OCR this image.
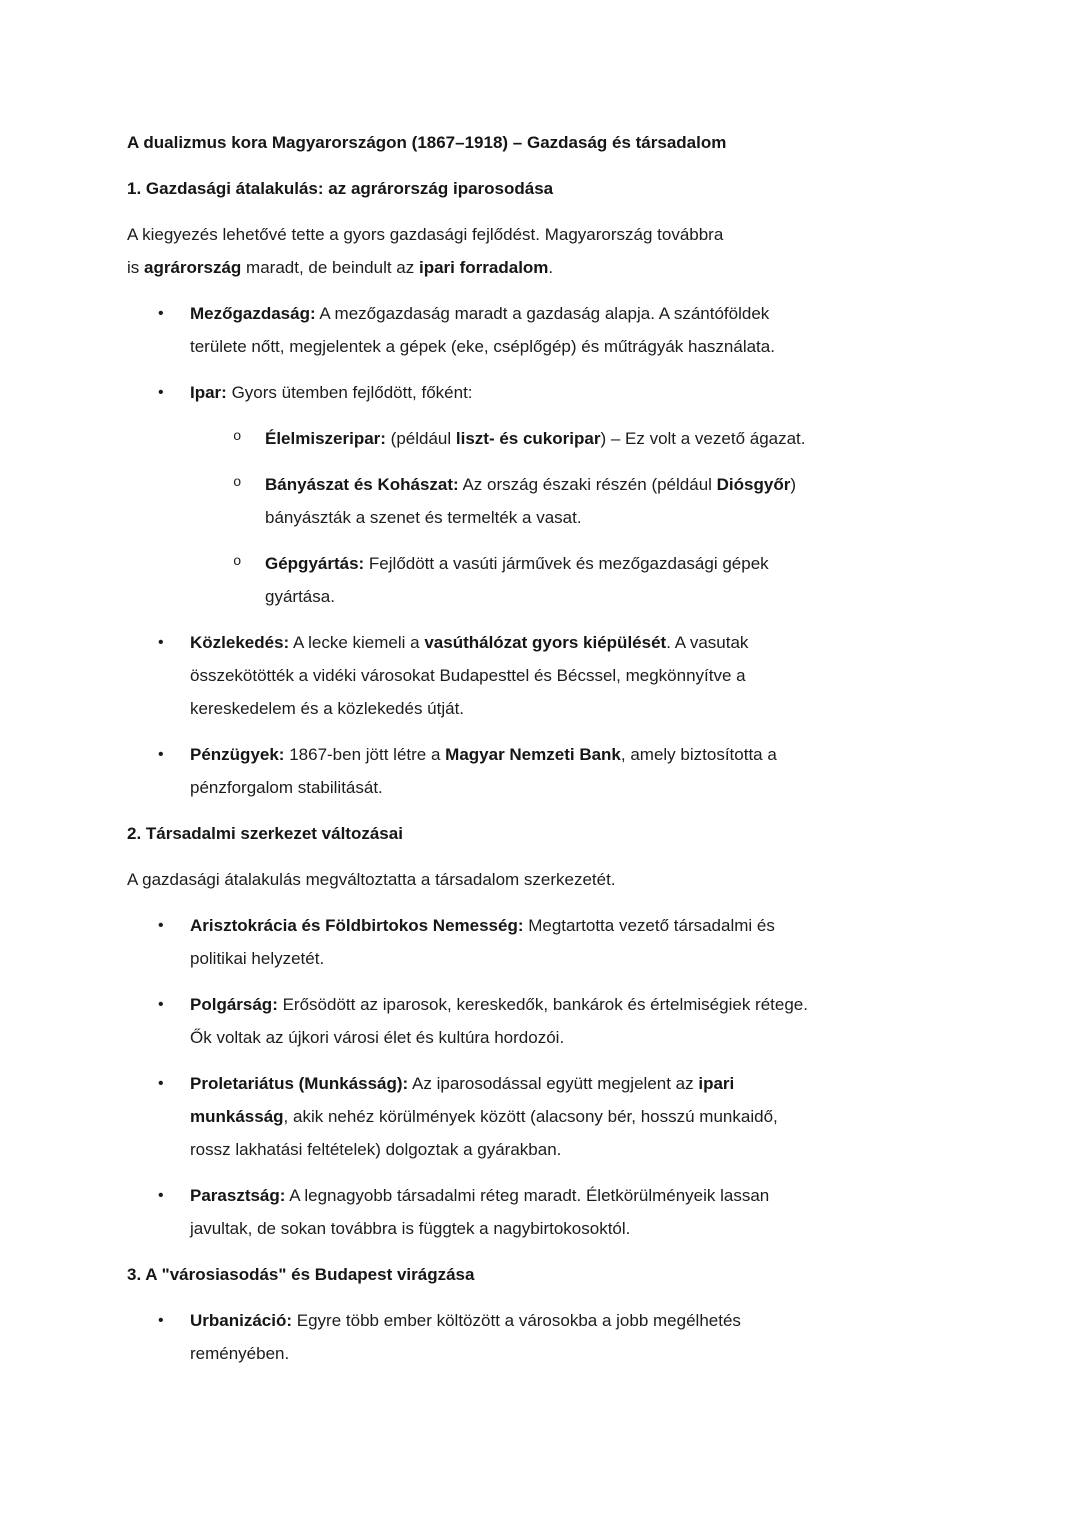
A dualizmus kora Magyarországon (1867–1918) – Gazdaság és társadalom

1. Gazdasági átalakulás: az agrárország iparosodása

A kiegyezés lehetővé tette a gyors gazdasági fejlődést. Magyarország továbbra
is agrárország maradt, de beindult az ipari forradalom.

• Mezőgazdaság: A mezőgazdaság maradt a gazdaság alapja. A szántóföldek
területe nőtt, megjelentek a gépek (eke, cséplőgép) és műtrágyák használata.
• Ipar: Gyors ütemben fejlődött, főként:
o Élelmiszeripar: (például liszt- és cukoripar) – Ez volt a vezető ágazat.
o Bányászat és Kohászat: Az ország északi részén (például Diósgyőr)
bányászták a szenet és termelték a vasat.
o Gépgyártás: Fejlődött a vasúti járművek és mezőgazdasági gépek
gyártása.
• Közlekedés: A lecke kiemeli a vasúthálózat gyors kiépülését. A vasutak
összekötötték a vidéki városokat Budapesttel és Bécssel, megkönnyítve a
kereskedelem és a közlekedés útját.
• Pénzügyek: 1867-ben jött létre a Magyar Nemzeti Bank, amely biztosította a
pénzforgalom stabilitását.

2. Társadalmi szerkezet változásai

A gazdasági átalakulás megváltoztatta a társadalom szerkezetét.

• Arisztokrácia és Földbirtokos Nemesség: Megtartotta vezető társadalmi és
politikai helyzetét.
• Polgárság: Erősödött az iparosok, kereskedők, bankárok és értelmiségiek rétege.
Ők voltak az újkori városi élet és kultúra hordozói.
• Proletariátus (Munkásság): Az iparosodással együtt megjelent az ipari
munkásság, akik nehéz körülmények között (alacsony bér, hosszú munkaidő,
rossz lakhatási feltételek) dolgoztak a gyárakban.
• Parasztság: A legnagyobb társadalmi réteg maradt. Életkörülményeik lassan
javultak, de sokan továbbra is függtek a nagybirtokosoktól.

3. A "városiasodás" és Budapest virágzása

• Urbanizáció: Egyre több ember költözött a városokba a jobb megélhetés
reményében.
